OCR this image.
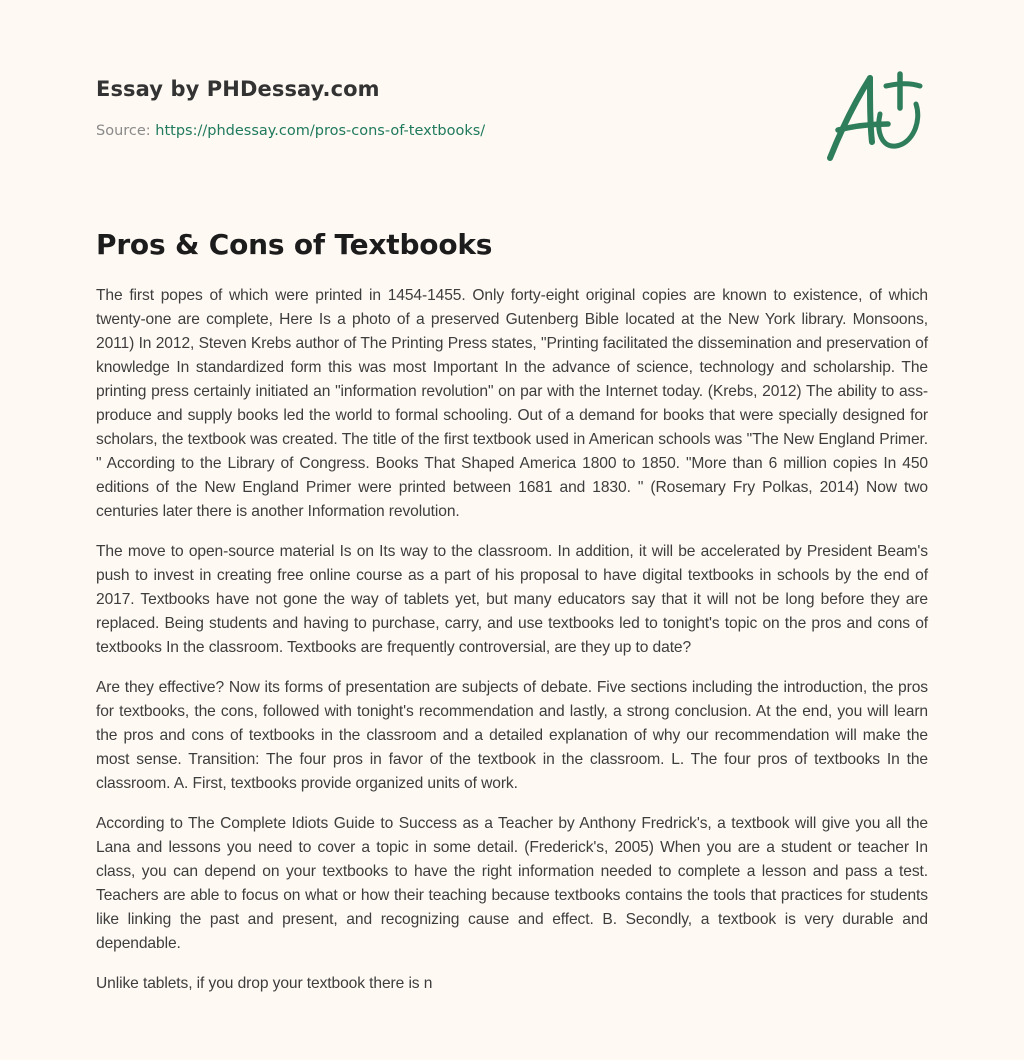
Essay by PHDessay.com
Source: https://phdessay.com/pros-cons-of-textbooks/
Pros & Cons of Textbooks

The first popes of which were printed in 1454-1455. Only forty-eight original copies are known to existence, of which twenty-one are complete, Here Is a photo of a preserved Gutenberg Bible located at the New York library. Monsoons, 2011) In 2012, Steven Krebs author of The Printing Press states, "Printing facilitated the dissemination and preservation of knowledge In standardized form this was most Important In the advance of science, technology and scholarship. The printing press certainly initiated an "information revolution" on par with the Internet today. (Krebs, 2012) The ability to ass-produce and supply books led the world to formal schooling. Out of a demand for books that were specially designed for scholars, the textbook was created. The title of the first textbook used in American schools was "The New England Primer. " According to the Library of Congress. Books That Shaped America 1800 to 1850. "More than 6 million copies In 450 editions of the New England Primer were printed between 1681 and 1830. " (Rosemary Fry Polkas, 2014) Now two centuries later there is another Information revolution.

The move to open-source material Is on Its way to the classroom. In addition, it will be accelerated by President Beam's push to invest in creating free online course as a part of his proposal to have digital textbooks in schools by the end of 2017. Textbooks have not gone the way of tablets yet, but many educators say that it will not be long before they are replaced. Being students and having to purchase, carry, and use textbooks led to tonight's topic on the pros and cons of textbooks In the classroom. Textbooks are frequently controversial, are they up to date?

Are they effective? Now its forms of presentation are subjects of debate. Five sections including the introduction, the pros for textbooks, the cons, followed with tonight's recommendation and lastly, a strong conclusion. At the end, you will learn the pros and cons of textbooks in the classroom and a detailed explanation of why our recommendation will make the most sense. Transition: The four pros in favor of the textbook in the classroom. L. The four pros of textbooks In the classroom. A. First, textbooks provide organized units of work.

According to The Complete Idiots Guide to Success as a Teacher by Anthony Fredrick's, a textbook will give you all the Lana and lessons you need to cover a topic in some detail. (Frederick's, 2005) When you are a student or teacher In class, you can depend on your textbooks to have the right information needed to complete a lesson and pass a test. Teachers are able to focus on what or how their teaching because textbooks contains the tools that practices for students like linking the past and present, and recognizing cause and effect. B. Secondly, a textbook is very durable and dependable.

Unlike tablets, if you drop your textbook there is n
